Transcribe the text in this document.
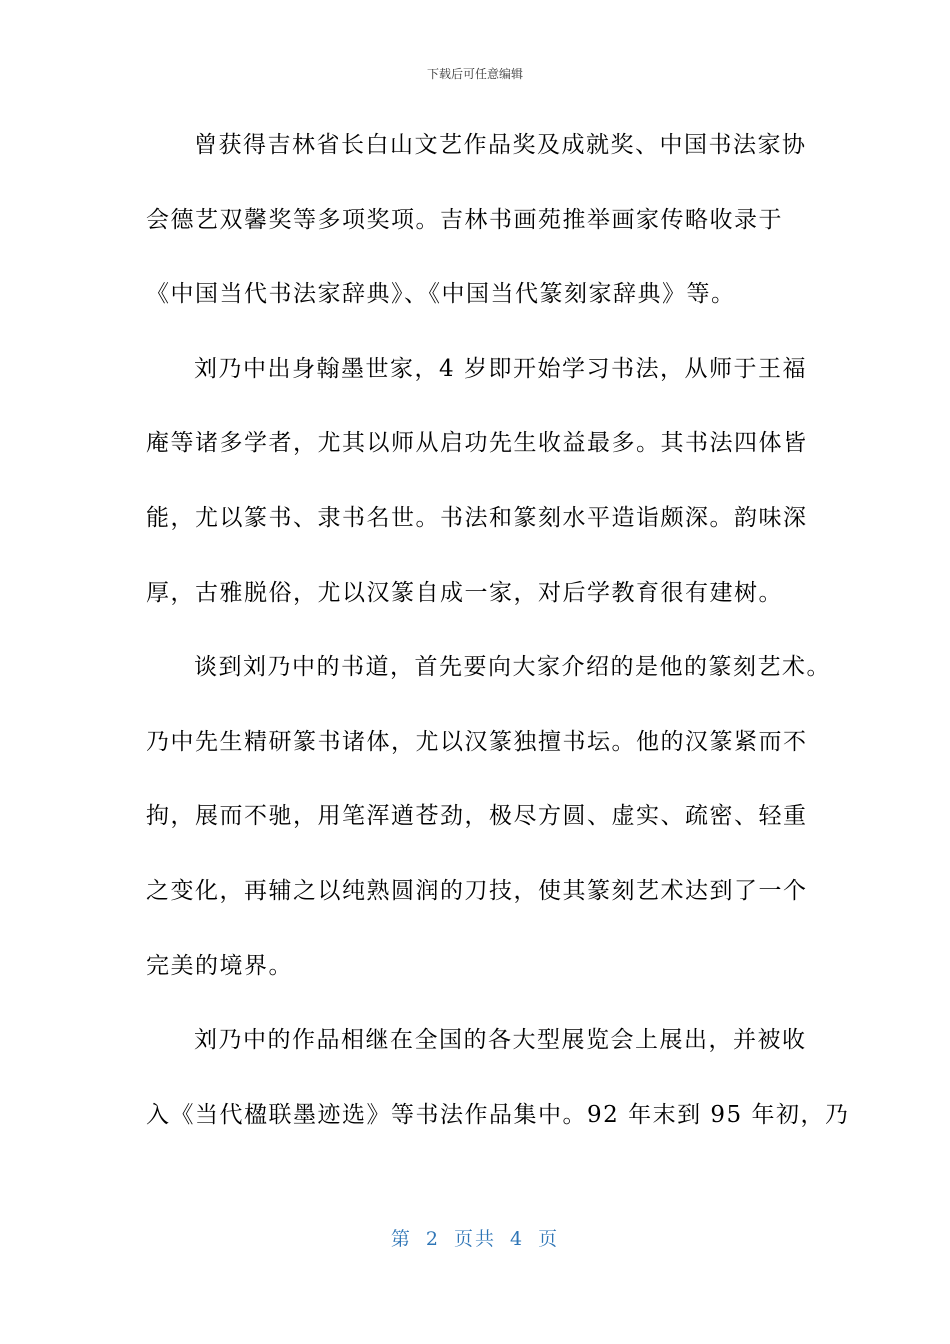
下载后可任意编辑
曾获得吉林省长白山文艺作品奖及成就奖、中国书法家协
会德艺双馨奖等多项奖项。吉林书画苑推举画家传略收录于
《中国当代书法家辞典》、《中国当代篆刻家辞典》等。
刘乃中出身翰墨世家，4 岁即开始学习书法，从师于王福
庵等诸多学者，尤其以师从启功先生收益最多。其书法四体皆
能，尤以篆书、隶书名世。书法和篆刻水平造诣颇深。韵味深
厚，古雅脱俗，尤以汉篆自成一家，对后学教育很有建树。
谈到刘乃中的书道，首先要向大家介绍的是他的篆刻艺术。
乃中先生精研篆书诸体，尤以汉篆独擅书坛。他的汉篆紧而不
拘，展而不驰，用笔浑遒苍劲，极尽方圆、虚实、疏密、轻重
之变化，再辅之以纯熟圆润的刀技，使其篆刻艺术达到了一个
完美的境界。
刘乃中的作品相继在全国的各大型展览会上展出，并被收
入《当代楹联墨迹选》等书法作品集中。92 年末到 95 年初，乃
第 2 页共 4 页
